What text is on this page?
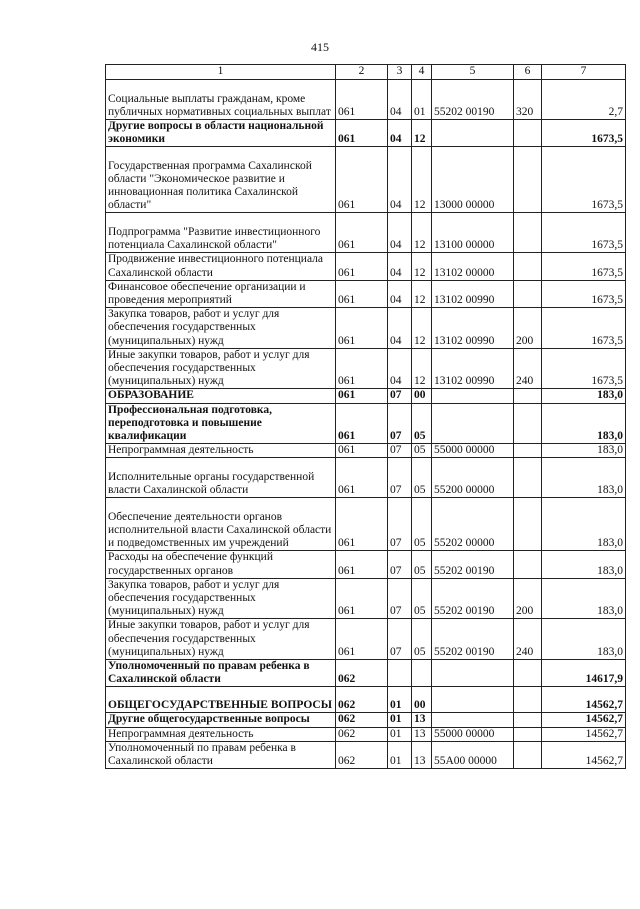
415
1	2	3	4	5	6	7
Социальные выплаты гражданам, кроме публичных нормативных социальных выплат	061	04	01	55202 00190	320	2,7
Другие вопросы в области национальной экономики	061	04	12			1673,5
Государственная программа Сахалинской области "Экономическое развитие и инновационная политика Сахалинской области"	061	04	12	13000 00000		1673,5
Подпрограмма "Развитие инвестиционного потенциала Сахалинской области"	061	04	12	13100 00000		1673,5
Продвижение инвестиционного потенциала Сахалинской области	061	04	12	13102 00000		1673,5
Финансовое обеспечение организации и проведения мероприятий	061	04	12	13102 00990		1673,5
Закупка товаров, работ и услуг для обеспечения государственных (муниципальных) нужд	061	04	12	13102 00990	200	1673,5
Иные закупки товаров, работ и услуг для обеспечения государственных (муниципальных) нужд	061	04	12	13102 00990	240	1673,5
ОБРАЗОВАНИЕ	061	07	00			183,0
Профессиональная подготовка, переподготовка и повышение квалификации	061	07	05			183,0
Непрограммная деятельность	061	07	05	55000 00000		183,0
Исполнительные органы государственной власти Сахалинской области	061	07	05	55200 00000		183,0
Обеспечение деятельности органов исполнительной власти Сахалинской области и подведомственных им учреждений	061	07	05	55202 00000		183,0
Расходы на обеспечение функций государственных органов	061	07	05	55202 00190		183,0
Закупка товаров, работ и услуг для обеспечения государственных (муниципальных) нужд	061	07	05	55202 00190	200	183,0
Иные закупки товаров, работ и услуг для обеспечения государственных (муниципальных) нужд	061	07	05	55202 00190	240	183,0
Уполномоченный по правам ребенка в Сахалинской области	062					14617,9
ОБЩЕГОСУДАРСТВЕННЫЕ ВОПРОСЫ	062	01	00			14562,7
Другие общегосударственные вопросы	062	01	13			14562,7
Непрограммная деятельность	062	01	13	55000 00000		14562,7
Уполномоченный по правам ребенка в Сахалинской области	062	01	13	55А00 00000		14562,7
